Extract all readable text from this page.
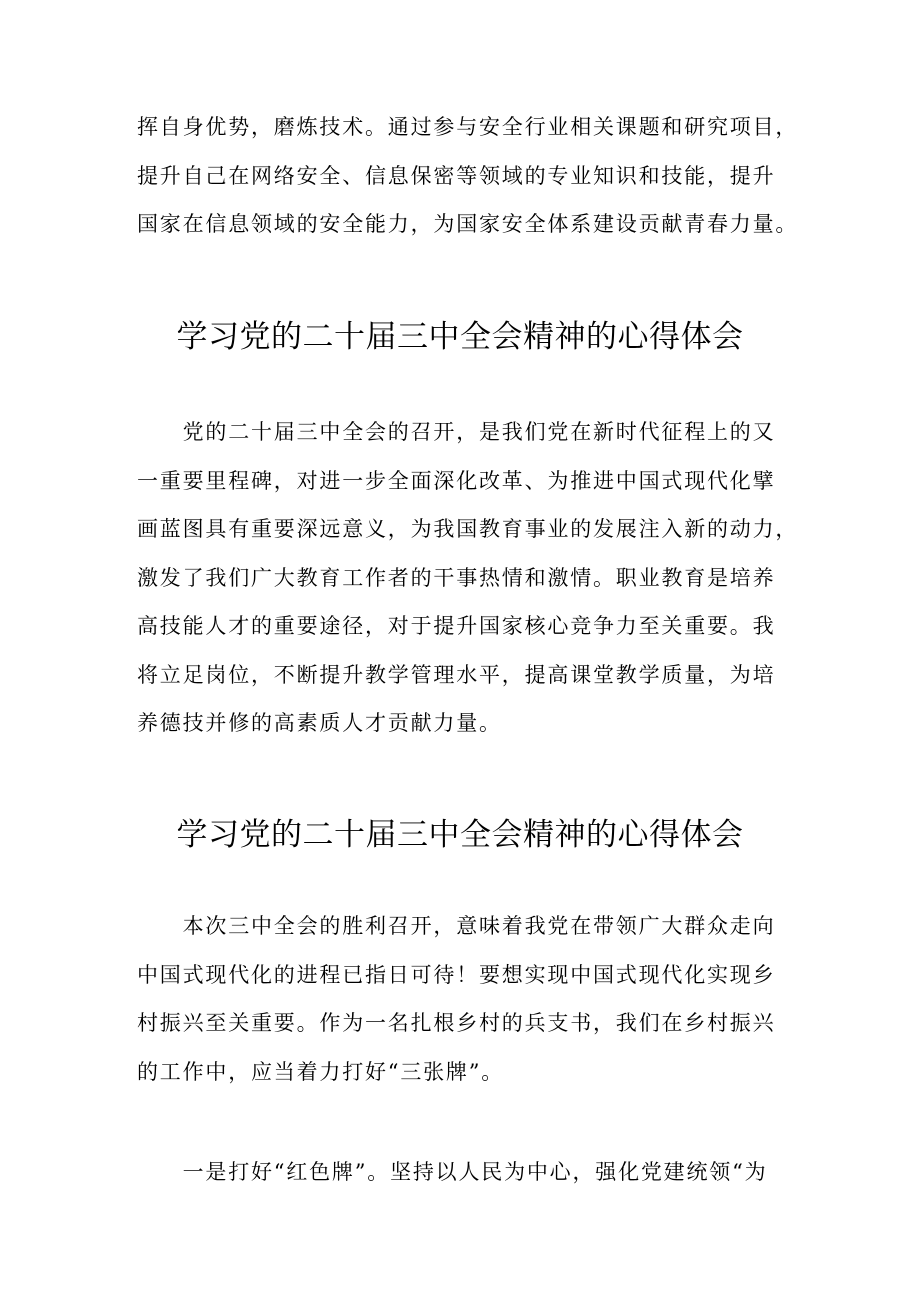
挥自身优势，磨炼技术。通过参与安全行业相关课题和研究项目，
提升自己在网络安全、信息保密等领域的专业知识和技能，提升
国家在信息领域的安全能力，为国家安全体系建设贡献青春力量。
学习党的二十届三中全会精神的心得体会
　　党的二十届三中全会的召开，是我们党在新时代征程上的又
一重要里程碑，对进一步全面深化改革、为推进中国式现代化擘
画蓝图具有重要深远意义，为我国教育事业的发展注入新的动力，
激发了我们广大教育工作者的干事热情和激情。职业教育是培养
高技能人才的重要途径，对于提升国家核心竞争力至关重要。我
将立足岗位，不断提升教学管理水平，提高课堂教学质量，为培
养德技并修的高素质人才贡献力量。
学习党的二十届三中全会精神的心得体会
　　本次三中全会的胜利召开，意味着我党在带领广大群众走向
中国式现代化的进程已指日可待！要想实现中国式现代化实现乡
村振兴至关重要。作为一名扎根乡村的兵支书，我们在乡村振兴
的工作中，应当着力打好“三张牌”。
　　一是打好“红色牌”。坚持以人民为中心，强化党建统领“为
